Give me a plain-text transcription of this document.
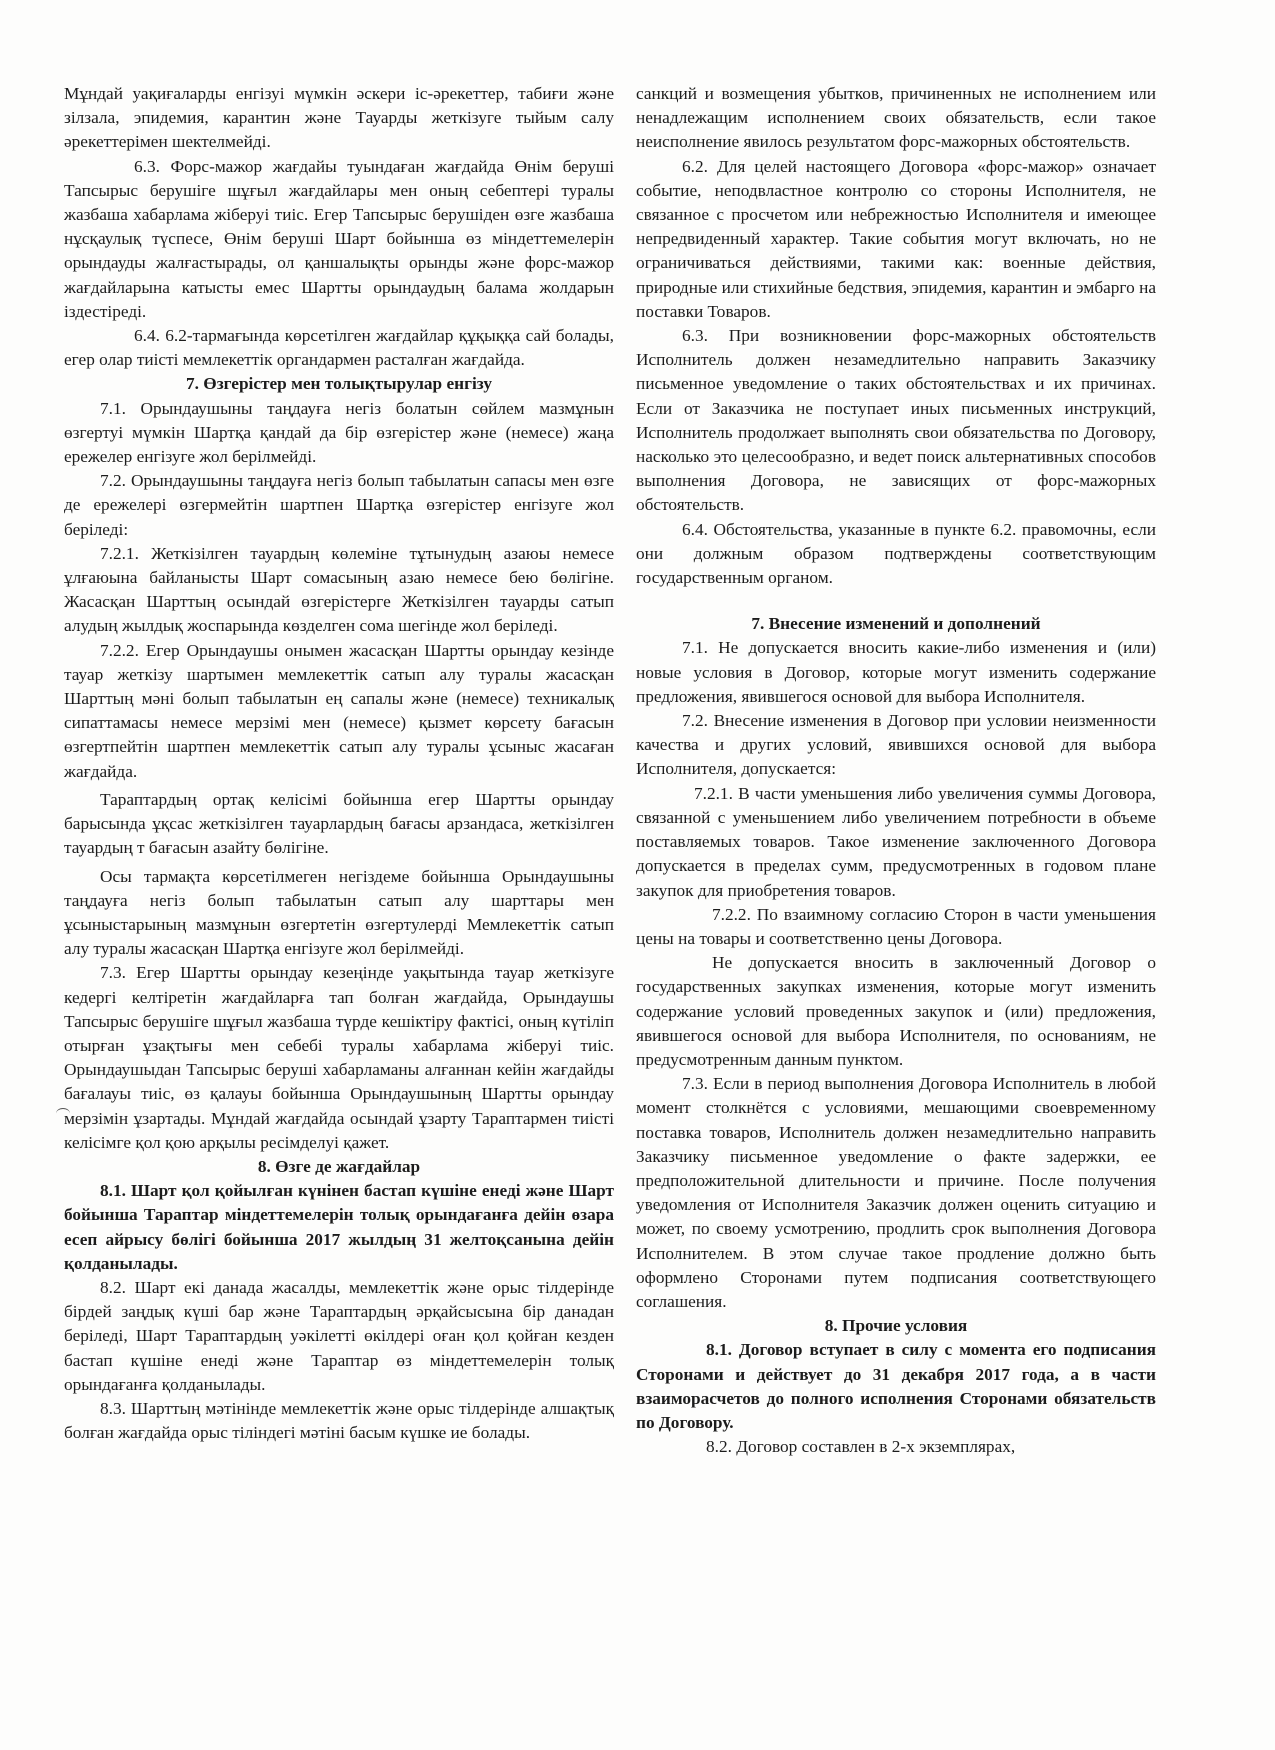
Мұндай уақиғаларды енгізуі мүмкін әскери іс-әрекеттер, табиғи және зілзала, эпидемия, карантин және Тауарды жеткізуге тыйым салу әрекеттерімен шектелмейді.

6.3. Форс-мажор жағдайы туындаған жағдайда Өнім беруші Тапсырыс берушіге шұғыл жағдайлары мен оның себептері туралы жазбаша хабарлама жіберуі тиіс. Егер Тапсырыс берушіден өзге жазбаша нұсқаулық түспесе, Өнім беруші Шарт бойынша өз міндеттемелерін орындауды жалғастырады, ол қаншалықты орынды және форс-мажор жағдайларына катысты емес Шартты орындаудың балама жолдарын іздестіреді.

6.4. 6.2-тармағында көрсетілген жағдайлар құқыққа сай болады, егер олар тиісті мемлекеттік органдармен расталған жағдайда.

7. Өзгерістер мен толықтырулар енгізу

7.1. Орындаушыны таңдауға негіз болатын сөйлем мазмұнын өзгертуі мүмкін Шартқа қандай да бір өзгерістер және (немесе) жаңа ережелер енгізуге жол берілмейді.

7.2. Орындаушыны таңдауға негіз болып табылатын сапасы мен өзге де ережелері өзгермейтін шартпен Шартқа өзгерістер енгізуге жол беріледі:

7.2.1. Жеткізілген тауардың көлеміне тұтынудың азаюы немесе ұлғаюына байланысты Шарт сомасының азаю немесе бею бөлігіне. Жасасқан Шарттың осындай өзгерістерге Жеткізілген тауарды сатып алудың жылдық жоспарында көзделген сома шегінде жол беріледі.

7.2.2. Егер Орындаушы онымен жасасқан Шартты орындау кезінде тауар жеткізу шартымен мемлекеттік сатып алу туралы жасасқан Шарттың мәні болып табылатын ең сапалы және (немесе) техникалық сипаттамасы немесе мерзімі мен (немесе) қызмет көрсету бағасын өзгертпейтін шартпен мемлекеттік сатып алу туралы ұсыныс жасаған жағдайда.

Тараптардың ортақ келісімі бойынша егер Шартты орындау барысында ұқсас жеткізілген тауарлардың бағасы арзандаса, жеткізілген тауардың т бағасын азайту бөлігіне.

Осы тармақта көрсетілмеген негіздеме бойынша Орындаушыны таңдауға негіз болып табылатын сатып алу шарттары мен ұсыныстарының мазмұнын өзгертетін өзгертулерді Мемлекеттік сатып алу туралы жасасқан Шартқа енгізуге жол берілмейді.

7.3. Егер Шартты орындау кезеңінде уақытында тауар жеткізуге кедергі келтіретін жағдайларға тап болған жағдайда, Орындаушы Тапсырыс берушіге шұғыл жазбаша түрде кешіктіру фактісі, оның күтіліп отырған ұзақтығы мен себебі туралы хабарлама жіберуі тиіс. Орындаушыдан Тапсырыс беруші хабарламаны алғаннан кейін жағдайды бағалауы тиіс, өз қалауы бойынша Орындаушының Шартты орындау мерзімін ұзартады. Мұндай жағдайда осындай ұзарту Тараптармен тиісті келісімге қол қою арқылы ресімделуі қажет.

8. Өзге де жағдайлар

8.1. Шарт қол қойылған күнінен бастап күшіне енеді және Шарт бойынша Тараптар міндеттемелерін толық орындағанға дейін өзара есеп айрысу бөлігі бойынша 2017 жылдың 31 желтоқсанына дейін қолданылады.

8.2. Шарт екі данада жасалды, мемлекеттік және орыс тілдерінде бірдей заңдық күші бар және Тараптардың әрқайсысына бір данадан беріледі, Шарт Тараптардың уәкілетті өкілдері оған қол қойған кезден бастап күшіне енеді және Тараптар өз міндеттемелерін толық орындағанға қолданылады.

8.3. Шарттың мәтінінде мемлекеттік және орыс тілдерінде алшақтық болған жағдайда орыс тіліндегі мәтіні басым күшке ие болады.

санкций и возмещения убытков, причиненных не исполнением или ненадлежащим исполнением своих обязательств, если такое неисполнение явилось результатом форс-мажорных обстоятельств.

6.2. Для целей настоящего Договора «форс-мажор» означает событие, неподвластное контролю со стороны Исполнителя, не связанное с просчетом или небрежностью Исполнителя и имеющее непредвиденный характер. Такие события могут включать, но не ограничиваться действиями, такими как: военные действия, природные или стихийные бедствия, эпидемия, карантин и эмбарго на поставки Товаров.

6.3. При возникновении форс-мажорных обстоятельств Исполнитель должен незамедлительно направить Заказчику письменное уведомление о таких обстоятельствах и их причинах. Если от Заказчика не поступает иных письменных инструкций, Исполнитель продолжает выполнять свои обязательства по Договору, насколько это целесообразно, и ведет поиск альтернативных способов выполнения Договора, не зависящих от форс-мажорных обстоятельств.

6.4. Обстоятельства, указанные в пункте 6.2. правомочны, если они должным образом подтверждены соответствующим государственным органом.

7. Внесение изменений и дополнений

7.1. Не допускается вносить какие-либо изменения и (или) новые условия в Договор, которые могут изменить содержание предложения, явившегося основой для выбора Исполнителя.

7.2. Внесение изменения в Договор при условии неизменности качества и других условий, явившихся основой для выбора Исполнителя, допускается:

7.2.1. В части уменьшения либо увеличения суммы Договора, связанной с уменьшением либо увеличением потребности в объеме поставляемых товаров. Такое изменение заключенного Договора допускается в пределах сумм, предусмотренных в годовом плане закупок для приобретения товаров.

7.2.2. По взаимному согласию Сторон в части уменьшения цены на товары и соответственно цены Договора.

Не допускается вносить в заключенный Договор о государственных закупках изменения, которые могут изменить содержание условий проведенных закупок и (или) предложения, явившегося основой для выбора Исполнителя, по основаниям, не предусмотренным данным пунктом.

7.3. Если в период выполнения Договора Исполнитель в любой момент столкнётся с условиями, мешающими своевременному поставка товаров, Исполнитель должен незамедлительно направить Заказчику письменное уведомление о факте задержки, ее предположительной длительности и причине. После получения уведомления от Исполнителя Заказчик должен оценить ситуацию и может, по своему усмотрению, продлить срок выполнения Договора Исполнителем. В этом случае такое продление должно быть оформлено Сторонами путем подписания соответствующего соглашения.

8. Прочие условия

8.1. Договор вступает в силу с момента его подписания Сторонами и действует до 31 декабря 2017 года, а в части взаиморасчетов до полного исполнения Сторонами обязательств по Договору.

8.2. Договор составлен в 2-х экземплярах,
